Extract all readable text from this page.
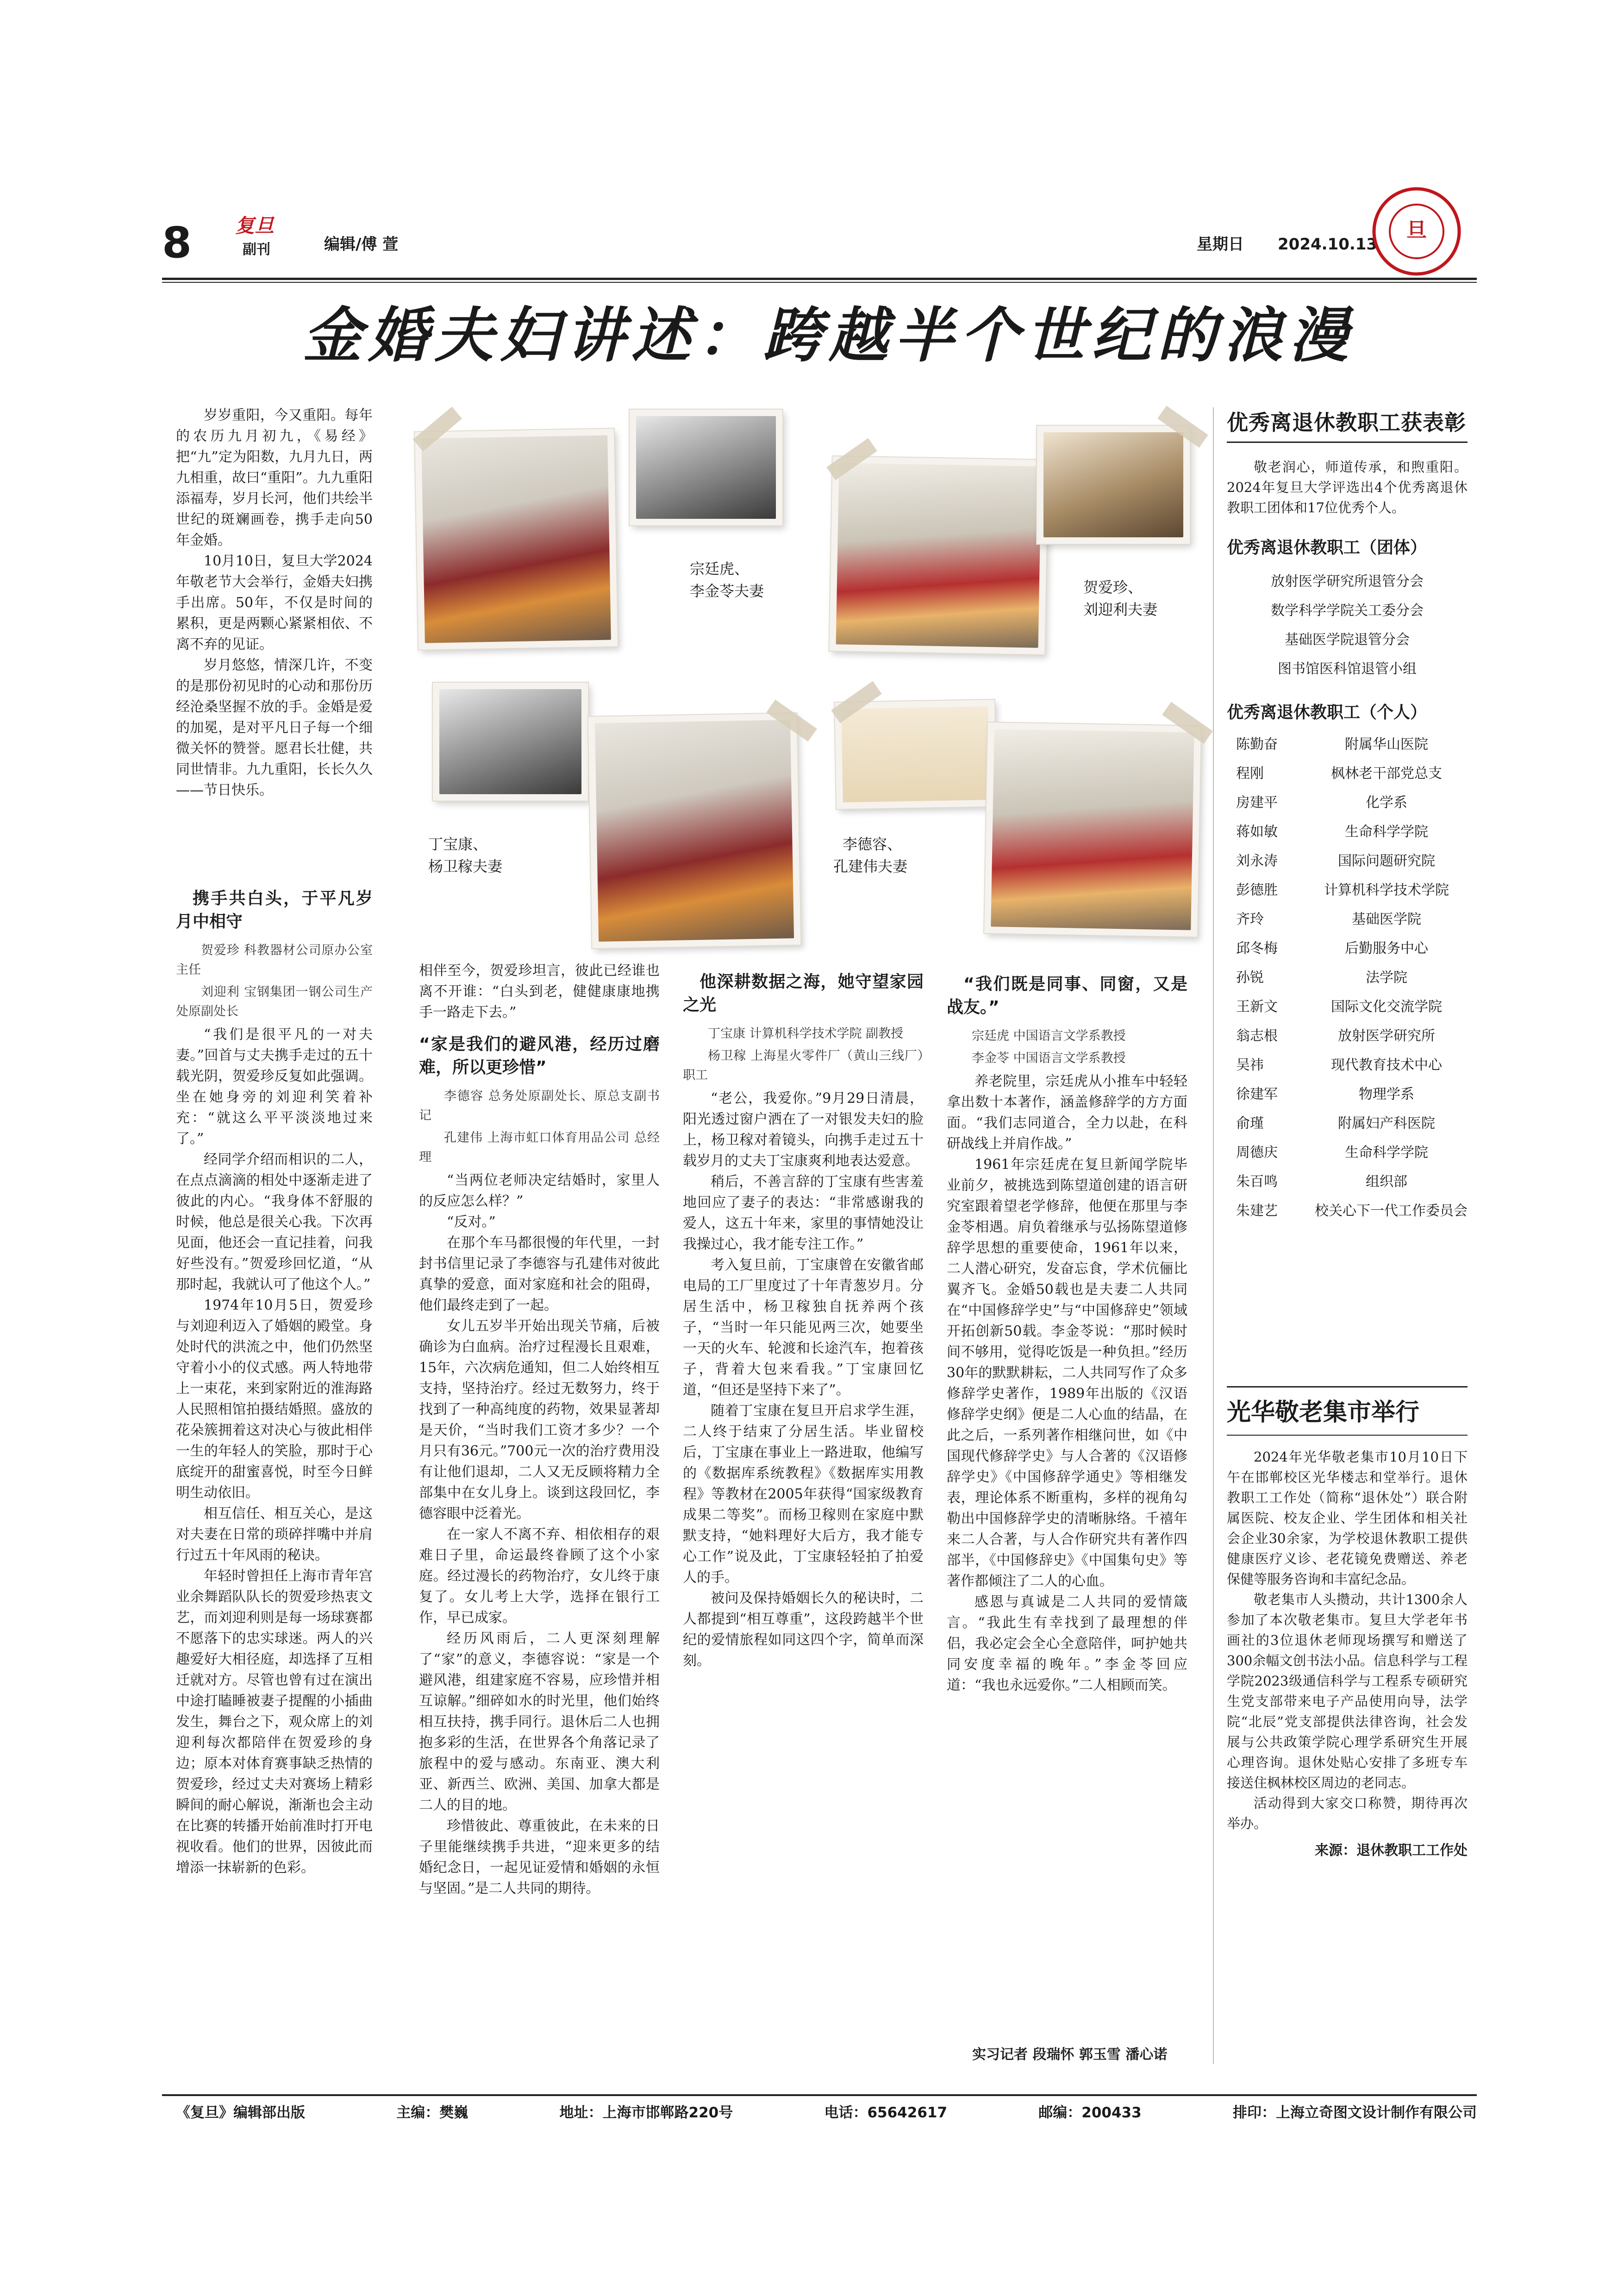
8 复旦
副刊	编辑/傅 萱	星期日 2024.10.13
旦
金婚夫妇讲述：跨越半个世纪的浪漫

岁岁重阳，今又重阳。每年的农历九月初九，《易经》把“九”定为阳数，九月九日，两九相重，故曰“重阳”。九九重阳添福寿，岁月长河，他们共绘半世纪的斑斓画卷，携手走向50年金婚。

10月10日，复旦大学2024年敬老节大会举行，金婚夫妇携手出席。50年，不仅是时间的累积，更是两颗心紧紧相依、不离不弃的见证。

岁月悠悠，情深几许，不变的是那份初见时的心动和那份历经沧桑坚握不放的手。金婚是爱的加冕，是对平凡日子每一个细微关怀的赞誉。愿君长壮健，共同世情非。九九重阳，长长久久——节日快乐。

宗廷虎、
李金苓夫妻	贺爱珍、
刘迎利夫妻
丁宝康、
杨卫稼夫妻
李德容、
孔建伟夫妻
携手共白头，于平凡岁月中相守
贺爱珍 科教器材公司原办公室主任
刘迎利 宝钢集团一钢公司生产处原副处长

“我们是很平凡的一对夫妻。”回首与丈夫携手走过的五十载光阴，贺爱珍反复如此强调。坐在她身旁的刘迎利笑着补充：“就这么平平淡淡地过来了。”

经同学介绍而相识的二人，在点点滴滴的相处中逐渐走进了彼此的内心。“我身体不舒服的时候，他总是很关心我。下次再见面，他还会一直记挂着，问我好些没有。”贺爱珍回忆道，“从那时起，我就认可了他这个人。”

1974年10月5日，贺爱珍与刘迎利迈入了婚姻的殿堂。身处时代的洪流之中，他们仍然坚守着小小的仪式感。两人特地带上一束花，来到家附近的淮海路人民照相馆拍摄结婚照。盛放的花朵簇拥着这对决心与彼此相伴一生的年轻人的笑脸，那时于心底绽开的甜蜜喜悦，时至今日鲜明生动依旧。

相互信任、相互关心，是这对夫妻在日常的琐碎拌嘴中并肩行过五十年风雨的秘诀。

年轻时曾担任上海市青年宫业余舞蹈队队长的贺爱珍热衷文艺，而刘迎利则是每一场球赛都不愿落下的忠实球迷。两人的兴趣爱好大相径庭，却选择了互相迁就对方。尽管也曾有过在演出中途打瞌睡被妻子提醒的小插曲发生，舞台之下，观众席上的刘迎利每次都陪伴在贺爱珍的身边；原本对体育赛事缺乏热情的贺爱珍，经过丈夫对赛场上精彩瞬间的耐心解说，渐渐也会主动在比赛的转播开始前准时打开电视收看。他们的世界，因彼此而增添一抹崭新的色彩。

相伴至今，贺爱珍坦言，彼此已经谁也离不开谁：“白头到老，健健康康地携手一路走下去。”

“家是我们的避风港，经历过磨难，所以更珍惜”
李德容 总务处原副处长、原总支副书记
孔建伟 上海市虹口体育用品公司 总经理

“当两位老师决定结婚时，家里人的反应怎么样？”

“反对。”

在那个车马都很慢的年代里，一封封书信里记录了李德容与孔建伟对彼此真挚的爱意，面对家庭和社会的阻碍，他们最终走到了一起。

女儿五岁半开始出现关节痛，后被确诊为白血病。治疗过程漫长且艰难，15年，六次病危通知，但二人始终相互支持，坚持治疗。经过无数努力，终于找到了一种高纯度的药物，效果显著却是天价，“当时我们工资才多少？一个月只有36元。”700元一次的治疗费用没有让他们退却，二人又无反顾将精力全部集中在女儿身上。谈到这段回忆，李德容眼中泛着光。

在一家人不离不弃、相依相存的艰难日子里，命运最终眷顾了这个小家庭。经过漫长的药物治疗，女儿终于康复了。女儿考上大学，选择在银行工作，早已成家。

经历风雨后，二人更深刻理解了“家”的意义，李德容说：“家是一个避风港，组建家庭不容易，应珍惜并相互谅解。”细碎如水的时光里，他们始终相互扶持，携手同行。退休后二人也拥抱多彩的生活，在世界各个角落记录了旅程中的爱与感动。东南亚、澳大利亚、新西兰、欧洲、美国、加拿大都是二人的目的地。

珍惜彼此、尊重彼此，在未来的日子里能继续携手共进，“迎来更多的结婚纪念日，一起见证爱情和婚姻的永恒与坚固。”是二人共同的期待。

他深耕数据之海，她守望家园之光
丁宝康 计算机科学技术学院 副教授
杨卫稼 上海星火零件厂（黄山三线厂）职工

“老公，我爱你。”9月29日清晨，阳光透过窗户洒在了一对银发夫妇的脸上，杨卫稼对着镜头，向携手走过五十载岁月的丈夫丁宝康爽利地表达爱意。

稍后，不善言辞的丁宝康有些害羞地回应了妻子的表达：“非常感谢我的爱人，这五十年来，家里的事情她没让我操过心，我才能专注工作。”

考入复旦前，丁宝康曾在安徽省邮电局的工厂里度过了十年青葱岁月。分居生活中，杨卫稼独自抚养两个孩子，“当时一年只能见两三次，她要坐一天的火车、轮渡和长途汽车，抱着孩子，背着大包来看我。”丁宝康回忆道，“但还是坚持下来了”。

随着丁宝康在复旦开启求学生涯，二人终于结束了分居生活。毕业留校后，丁宝康在事业上一路进取，他编写的《数据库系统教程》《数据库实用教程》等教材在2005年获得“国家级教育成果二等奖”。而杨卫稼则在家庭中默默支持，“她料理好大后方，我才能专心工作”说及此，丁宝康轻轻拍了拍爱人的手。

被问及保持婚姻长久的秘诀时，二人都提到“相互尊重”，这段跨越半个世纪的爱情旅程如同这四个字，简单而深刻。

“我们既是同事、同窗，又是战友。”
宗廷虎 中国语言文学系教授
李金苓 中国语言文学系教授

养老院里，宗廷虎从小推车中轻轻拿出数十本著作，涵盖修辞学的方方面面。“我们志同道合，全力以赴，在科研战线上并肩作战。”

1961年宗廷虎在复旦新闻学院毕业前夕，被挑选到陈望道创建的语言研究室跟着望老学修辞，他便在那里与李金苓相遇。肩负着继承与弘扬陈望道修辞学思想的重要使命，1961年以来，二人潜心研究，发奋忘食，学术伉俪比翼齐飞。金婚50载也是夫妻二人共同在“中国修辞学史”与“中国修辞史”领域开拓创新50载。李金苓说：“那时候时间不够用，觉得吃饭是一种负担。”经历30年的默默耕耘，二人共同写作了众多修辞学史著作，1989年出版的《汉语修辞学史纲》便是二人心血的结晶，在此之后，一系列著作相继问世，如《中国现代修辞学史》与人合著的《汉语修辞学史》《中国修辞学通史》等相继发表，理论体系不断重构，多样的视角勾勒出中国修辞学史的清晰脉络。千禧年来二人合著，与人合作研究共有著作四部半，《中国修辞史》《中国集句史》等著作都倾注了二人的心血。

感恩与真诚是二人共同的爱情箴言。“我此生有幸找到了最理想的伴侣，我必定会全心全意陪伴，呵护她共同安度幸福的晚年。”李金苓回应道：“我也永远爱你。”二人相顾而笑。

实习记者 段瑞怀 郭玉雪 潘心诺
优秀离退休教职工获表彰
敬老润心，师道传承，和煦重阳。2024年复旦大学评选出4个优秀离退休教职工团体和17位优秀个人。
优秀离退休教职工（团体）
放射医学研究所退管分会
数学科学学院关工委分会
基础医学院退管分会
图书馆医科馆退管小组
优秀离退休教职工（个人）
陈勤奋	附属华山医院
程刚	枫林老干部党总支
房建平	化学系
蒋如敏	生命科学学院
刘永涛	国际问题研究院
彭德胜	计算机科学技术学院
齐玲	基础医学院
邱冬梅	后勤服务中心
孙锐	法学院
王新文	国际文化交流学院
翁志根	放射医学研究所
吴祎	现代教育技术中心
徐建军	物理学系
俞瑾	附属妇产科医院
周德庆	生命科学学院
朱百鸣	组织部
朱建艺	校关心下一代工作委员会
光华敬老集市举行

2024年光华敬老集市10月10日下午在邯郸校区光华楼志和堂举行。退休教职工工作处（简称“退休处”）联合附属医院、校友企业、学生团体和相关社会企业30余家，为学校退休教职工提供健康医疗义诊、老花镜免费赠送、养老保健等服务咨询和丰富纪念品。

敬老集市人头攒动，共计1300余人参加了本次敬老集市。复旦大学老年书画社的3位退休老师现场撰写和赠送了300余幅文创书法小品。信息科学与工程学院2023级通信科学与工程系专硕研究生党支部带来电子产品使用向导，法学院“北辰”党支部提供法律咨询，社会发展与公共政策学院心理学系研究生开展心理咨询。退休处贴心安排了多班专车接送住枫林校区周边的老同志。

活动得到大家交口称赞，期待再次举办。

来源：退休教职工工作处
《复旦》编辑部出版	主编：樊巍	地址：上海市邯郸路220号	电话：65642617	邮编：200433	排印：上海立奇图文设计制作有限公司
